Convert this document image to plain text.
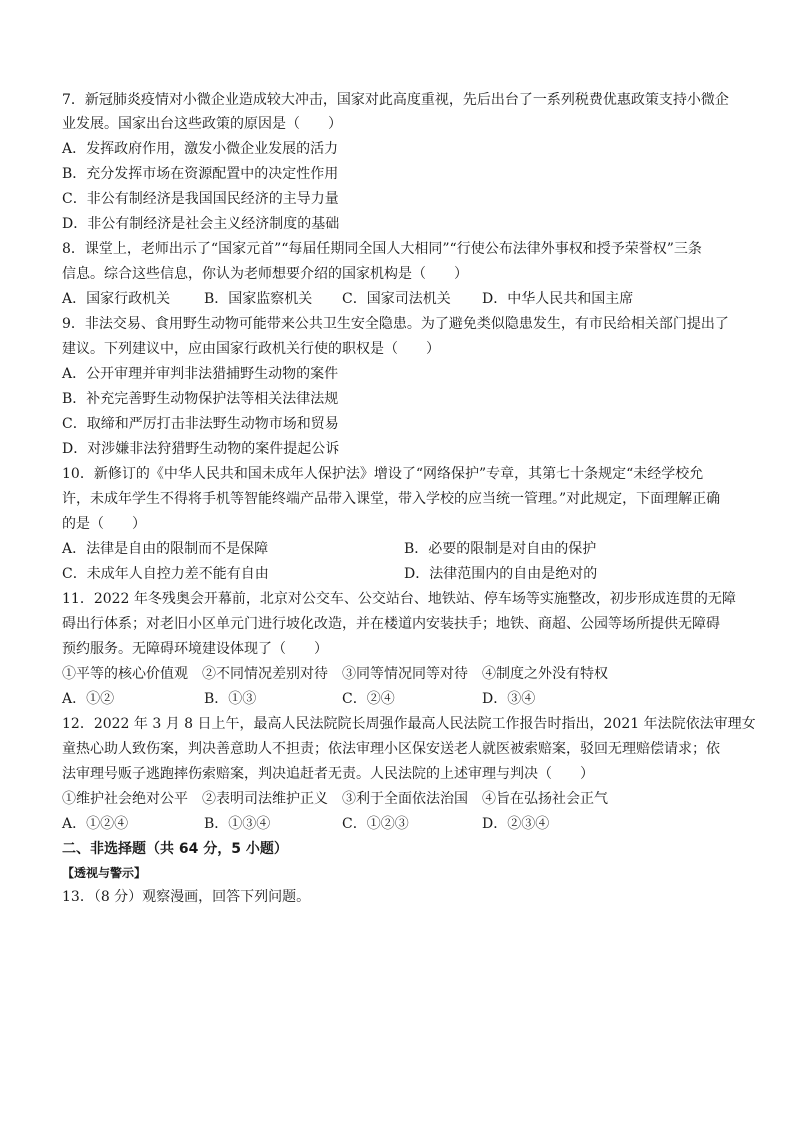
7．新冠肺炎疫情对小微企业造成较大冲击，国家对此高度重视，先后出台了一系列税费优惠政策支持小微企
业发展。国家出台这些政策的原因是（　　）
A．发挥政府作用，激发小微企业发展的活力
B．充分发挥市场在资源配置中的决定性作用
C．非公有制经济是我国国民经济的主导力量
D．非公有制经济是社会主义经济制度的基础
8．课堂上，老师出示了“国家元首”“每届任期同全国人大相同”“行使公布法律外事权和授予荣誉权”三条
信息。综合这些信息，你认为老师想要介绍的国家机构是（　　）
A．国家行政机关 B．国家监察机关 C．国家司法机关 D．中华人民共和国主席
9．非法交易、食用野生动物可能带来公共卫生安全隐患。为了避免类似隐患发生，有市民给相关部门提出了
建议。下列建议中，应由国家行政机关行使的职权是（　　）
A．公开审理并审判非法猎捕野生动物的案件
B．补充完善野生动物保护法等相关法律法规
C．取缔和严厉打击非法野生动物市场和贸易
D．对涉嫌非法狩猎野生动物的案件提起公诉
10．新修订的《中华人民共和国未成年人保护法》增设了“网络保护”专章，其第七十条规定“未经学校允
许，未成年学生不得将手机等智能终端产品带入课堂，带入学校的应当统一管理。”对此规定，下面理解正确
的是（　　）
A．法律是自由的限制而不是保障	B．必要的限制是对自由的保护
C．未成年人自控力差不能有自由	D．法律范围内的自由是绝对的
11．2022 年冬残奥会开幕前，北京对公交车、公交站台、地铁站、停车场等实施整改，初步形成连贯的无障
碍出行体系；对老旧小区单元门进行坡化改造，并在楼道内安装扶手；地铁、商超、公园等场所提供无障碍
预约服务。无障碍环境建设体现了（　　）
①平等的核心价值观　②不同情况差别对待　③同等情况同等对待　④制度之外没有特权
A．①②	B．①③	C．②④	D．③④
12．2022 年 3 月 8 日上午，最高人民法院院长周强作最高人民法院工作报告时指出，2021 年法院依法审理女
童热心助人致伤案，判决善意助人不担责；依法审理小区保安送老人就医被索赔案，驳回无理赔偿请求；依
法审理号贩子逃跑摔伤索赔案，判决追赶者无责。人民法院的上述审理与判决（　　）
①维护社会绝对公平　②表明司法维护正义　③利于全面依法治国　④旨在弘扬社会正气
A．①②④	B．①③④	C．①②③	D．②③④
二、非选择题（共 64 分，5 小题）
【透视与警示】
13．（8 分）观察漫画，回答下列问题。
